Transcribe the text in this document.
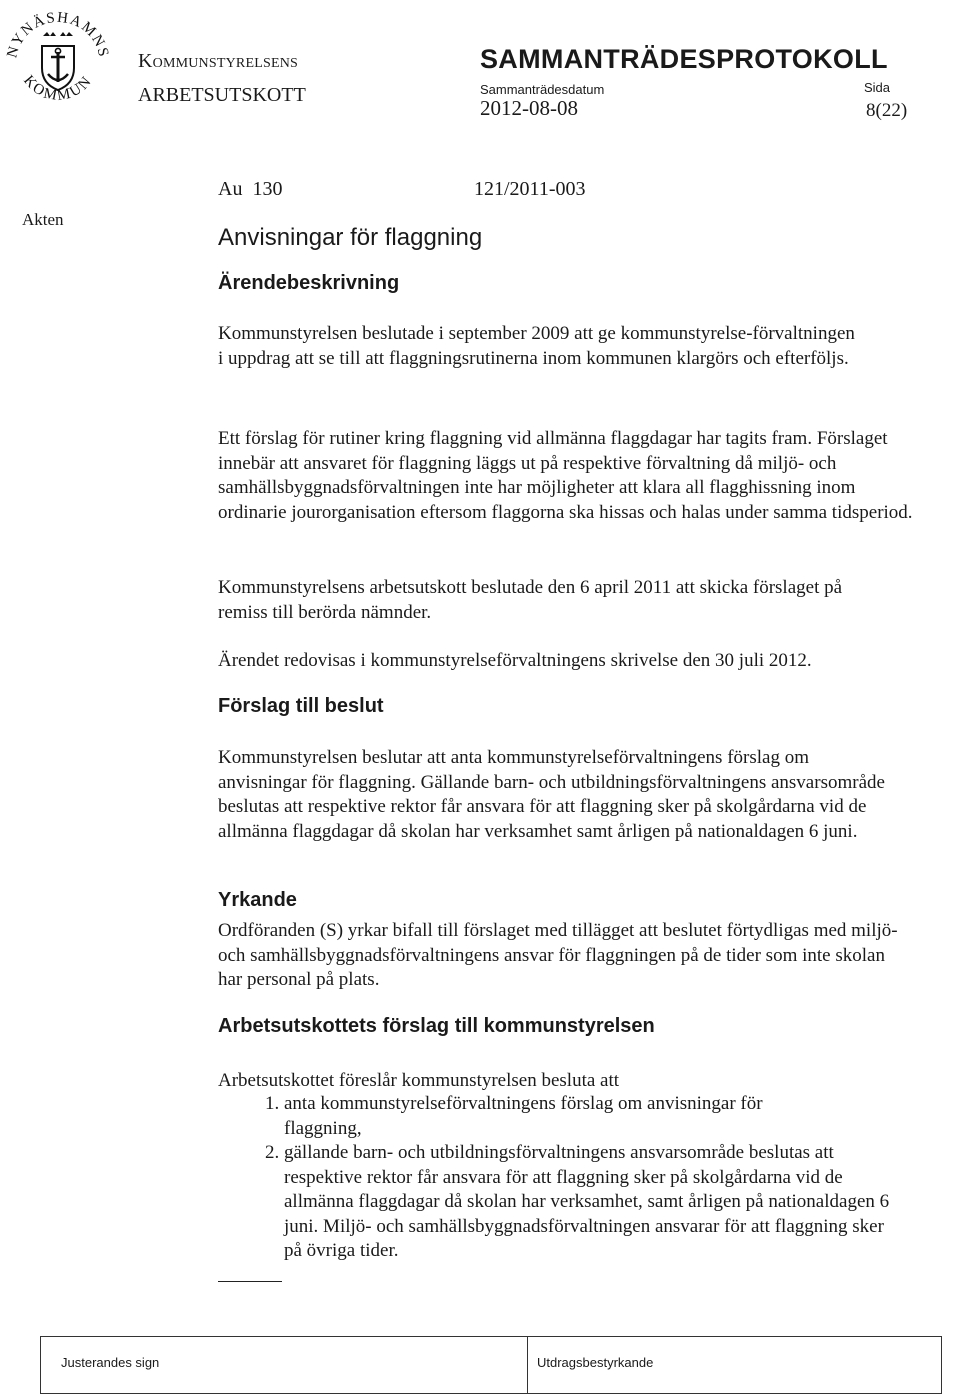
NYNÄSHAMNS
KOMMUN
Kommunstyrelsens
ARBETSUTSKOTT
SAMMANTRÄDESPROTOKOLL
Sammanträdesdatum
2012-08-08
Sida
8(22)
Akten
Au  130	121/2011-003
Anvisningar för flaggning
Ärendebeskrivning
Kommunstyrelsen beslutade i september 2009 att ge kommunstyrelse-förvaltningen i uppdrag att se till att flaggningsrutinerna inom kommunen klargörs och efterföljs.
Ett förslag för rutiner kring flaggning vid allmänna flaggdagar har tagits fram. Förslaget innebär att ansvaret för flaggning läggs ut på respektive förvaltning då miljö- och samhällsbyggnadsförvaltningen inte har möjligheter att klara all flagghissning inom ordinarie jourorganisation eftersom flaggorna ska hissas och halas under samma tidsperiod.
Kommunstyrelsens arbetsutskott beslutade den 6 april 2011 att skicka förslaget på remiss till berörda nämnder.
Ärendet redovisas i kommunstyrelseförvaltningens skrivelse den 30 juli 2012.
Förslag till beslut
Kommunstyrelsen beslutar att anta kommunstyrelseförvaltningens förslag om anvisningar för flaggning. Gällande barn- och utbildningsförvaltningens ansvarsområde beslutas att respektive rektor får ansvara för att flaggning sker på skolgårdarna vid de allmänna flaggdagar då skolan har verksamhet samt årligen på nationaldagen 6 juni.
Yrkande
Ordföranden (S) yrkar bifall till förslaget med tillägget att beslutet förtydligas med miljö- och samhällsbyggnadsförvaltningens ansvar för flaggningen på de tider som inte skolan har personal på plats.
Arbetsutskottets förslag till kommunstyrelsen
Arbetsutskottet föreslår kommunstyrelsen besluta att
1. anta kommunstyrelseförvaltningens förslag om anvisningar för flaggning,
2. gällande barn- och utbildningsförvaltningens ansvarsområde beslutas att respektive rektor får ansvara för att flaggning sker på skolgårdarna vid de allmänna flaggdagar då skolan har verksamhet, samt årligen på nationaldagen 6 juni. Miljö- och samhällsbyggnadsförvaltningen ansvarar för att flaggning sker på övriga tider.
Justerandes sign	Utdragsbestyrkande
